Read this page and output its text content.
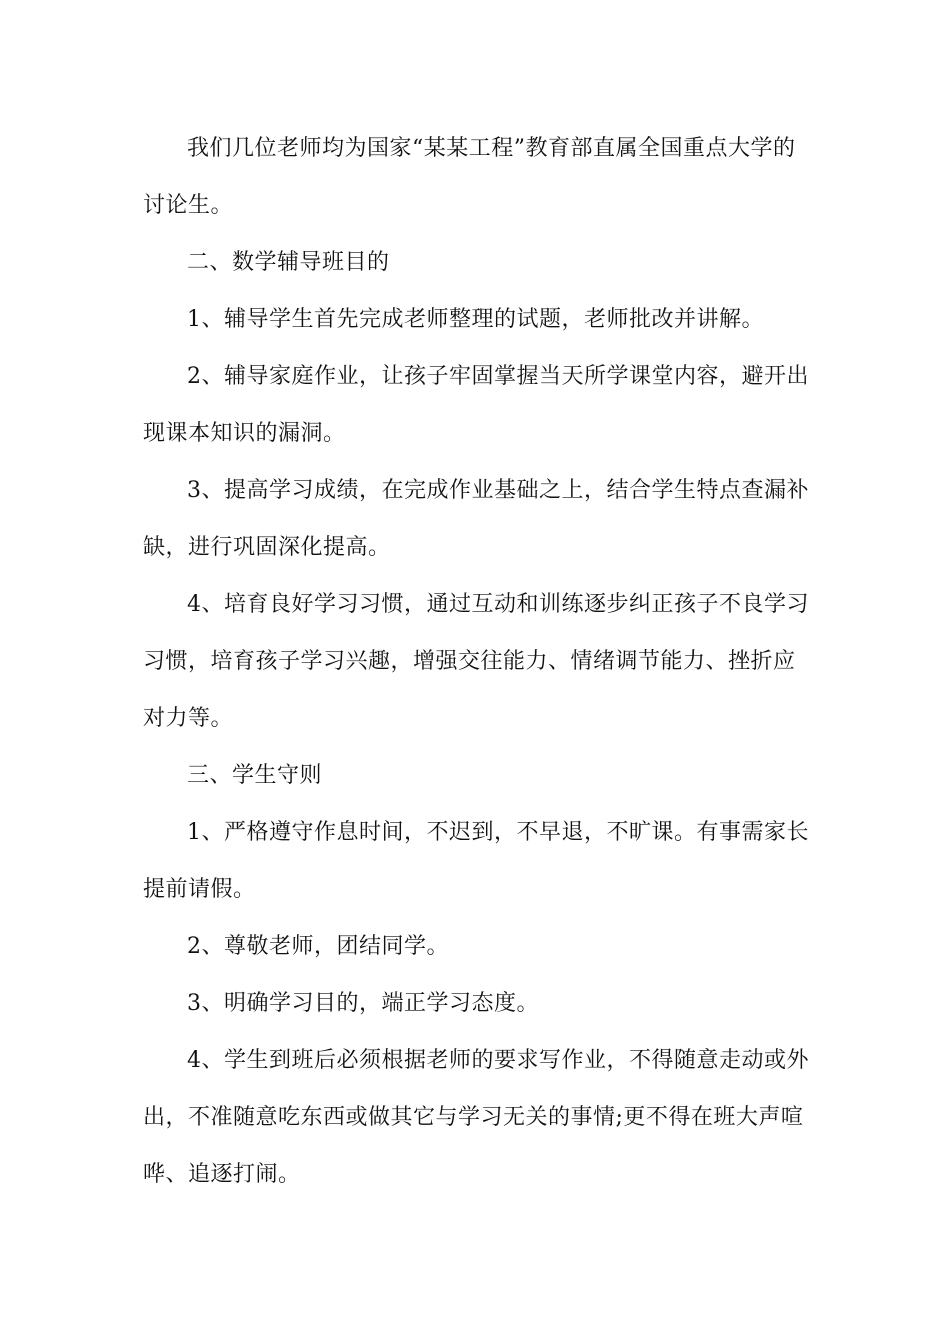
我们几位老师均为国家“某某工程”教育部直属全国重点大学的讨论生。

二、数学辅导班目的

1、辅导学生首先完成老师整理的试题，老师批改并讲解。

2、辅导家庭作业，让孩子牢固掌握当天所学课堂内容，避开出现课本知识的漏洞。

3、提高学习成绩，在完成作业基础之上，结合学生特点查漏补缺，进行巩固深化提高。

4、培育良好学习习惯，通过互动和训练逐步纠正孩子不良学习习惯，培育孩子学习兴趣，增强交往能力、情绪调节能力、挫折应对力等。

三、学生守则

1、严格遵守作息时间，不迟到，不早退，不旷课。有事需家长提前请假。

2、尊敬老师，团结同学。

3、明确学习目的，端正学习态度。

4、学生到班后必须根据老师的要求写作业，不得随意走动或外出，不准随意吃东西或做其它与学习无关的事情;更不得在班大声喧哗、追逐打闹。
